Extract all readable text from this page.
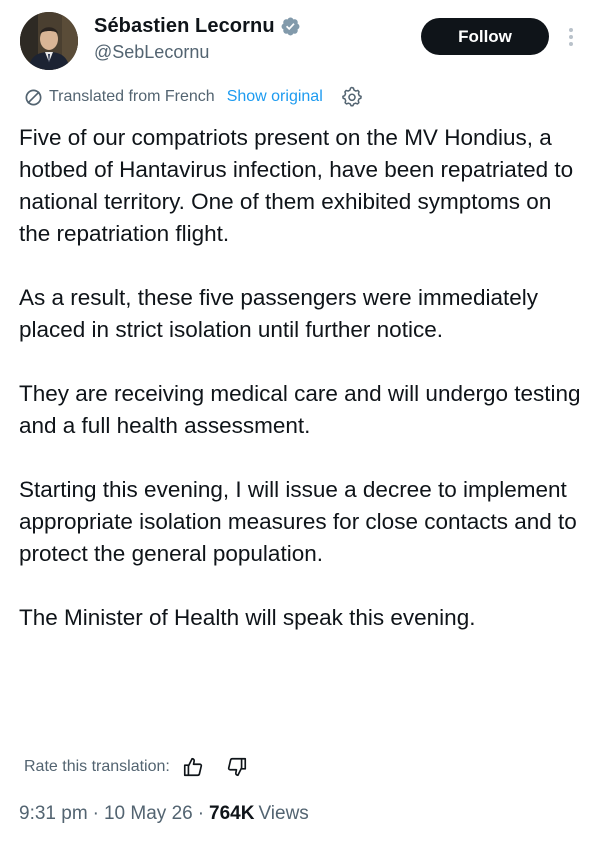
Sébastien Lecornu
@SebLecornu
Follow
Translated from French Show original

Five of our compatriots present on the MV Hondius, a hotbed of Hantavirus infection, have been repatriated to national territory. One of them exhibited symptoms on the repatriation flight.

As a result, these five passengers were immediately placed in strict isolation until further notice.

They are receiving medical care and will undergo testing and a full health assessment.

Starting this evening, I will issue a decree to implement appropriate isolation measures for close contacts and to protect the general population.

The Minister of Health will speak this evening.

Rate this translation:
9:31 pm · 10 May 26 · 764K Views
